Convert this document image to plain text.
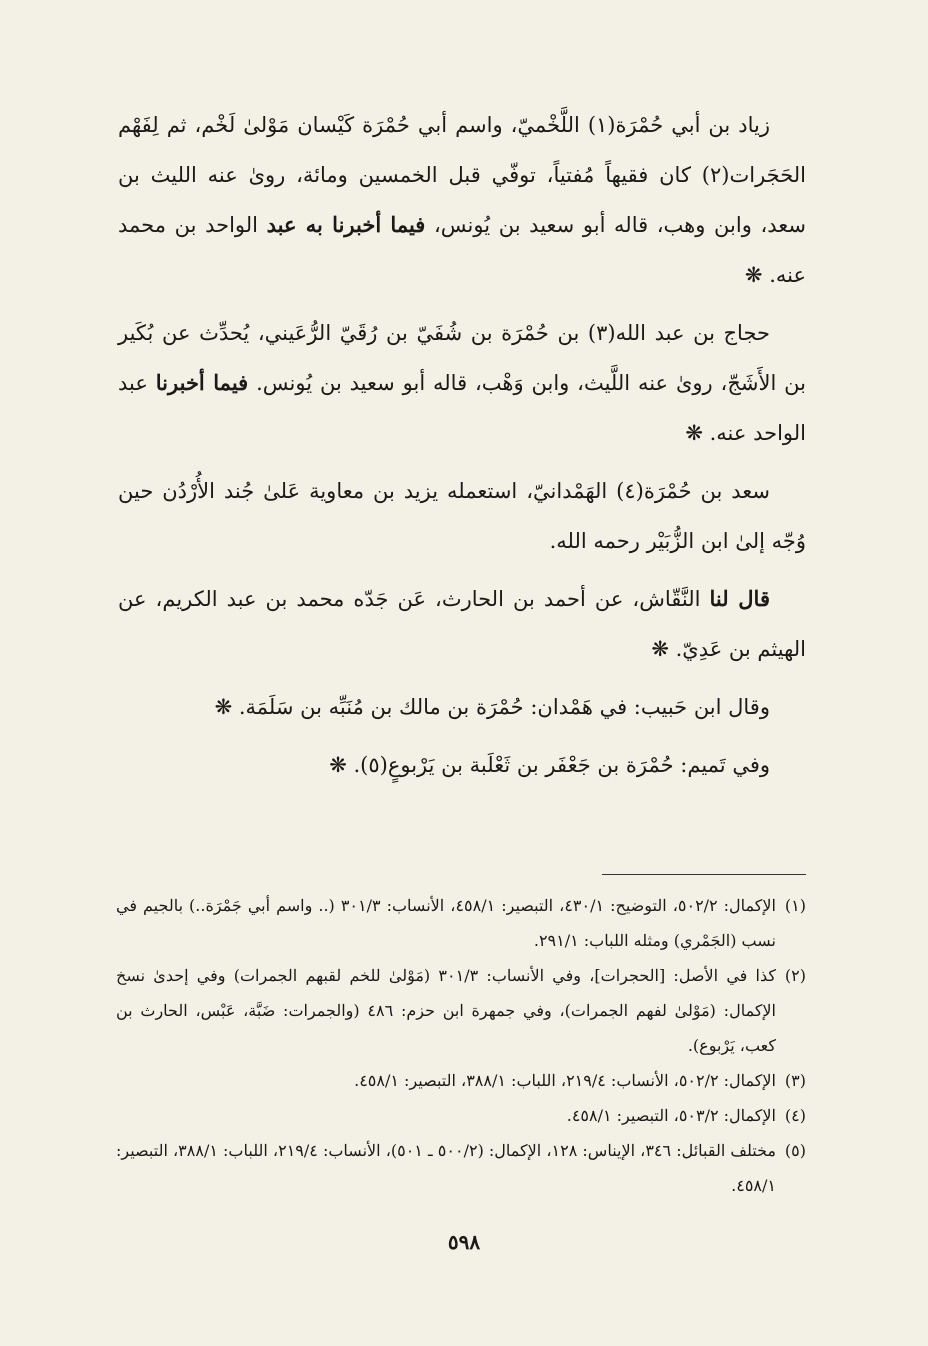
زياد بن أبي حُمْرَة(١) اللَّخْميّ، واسم أبي حُمْرَة كَيْسان مَوْلىٰ لَخْم، ثم لِفَهْم الحَجَرات(٢) كان فقيهاً مُفتياً، توفّي قبل الخمسين ومائة، روىٰ عنه الليث بن سعد، وابن وهب، قاله أبو سعيد بن يُونس، فيما أخبرنا به عبد الواحد بن محمد عنه. ❋

حجاج بن عبد الله(٣) بن حُمْرَة بن شُفَيّ بن رُقَيّ الرُّعَيني، يُحدِّث عن بُكَير بن الأَشَجّ، روىٰ عنه اللَّيث، وابن وَهْب، قاله أبو سعيد بن يُونس. فيما أخبرنا عبد الواحد عنه. ❋

سعد بن حُمْرَة(٤) الهَمْدانيّ، استعمله يزيد بن معاوية عَلىٰ جُند الأُرْدُن حين وُجّه إلىٰ ابن الزُّبَيْر رحمه الله.

قال لنا النَّقّاش، عن أحمد بن الحارث، عَن جَدّه محمد بن عبد الكريم، عن الهيثم بن عَدِيّ. ❋

وقال ابن حَبيب: في هَمْدان: حُمْرَة بن مالك بن مُنَبِّه بن سَلَمَة. ❋

وفي تَميم: حُمْرَة بن جَعْفَر بن ثَعْلَبة بن يَرْبوعٍ(٥). ❋

(١)
الإكمال: ٥٠٢/٢، التوضيح: ٤٣٠/١، التبصير: ٤٥٨/١، الأنساب: ٣٠١/٣ (.. واسم أبي جَمْرَة..) بالجيم في نسب (الجَمْري) ومثله اللباب: ٢٩١/١.

(٢)
كذا في الأصل: [الحجرات]، وفي الأنساب: ٣٠١/٣ (مَوْلىٰ للخم لقبهم الجمرات) وفي إحدىٰ نسخ الإكمال: (مَوْلىٰ لفهم الجمرات)، وفي جمهرة ابن حزم: ٤٨٦ (والجمرات: ضَبَّة، عَبْس، الحارث بن كعب، يَرْبوع).

(٣)
الإكمال: ٥٠٢/٢، الأنساب: ٢١٩/٤، اللباب: ٣٨٨/١، التبصير: ٤٥٨/١.

(٤)
الإكمال: ٥٠٣/٢، التبصير: ٤٥٨/١.

(٥)
مختلف القبائل: ٣٤٦، الإيناس: ١٢٨، الإكمال: (٥٠٠/٢ ـ ٥٠١)، الأنساب: ٢١٩/٤، اللباب: ٣٨٨/١، التبصير: ٤٥٨/١.

٥٩٨
